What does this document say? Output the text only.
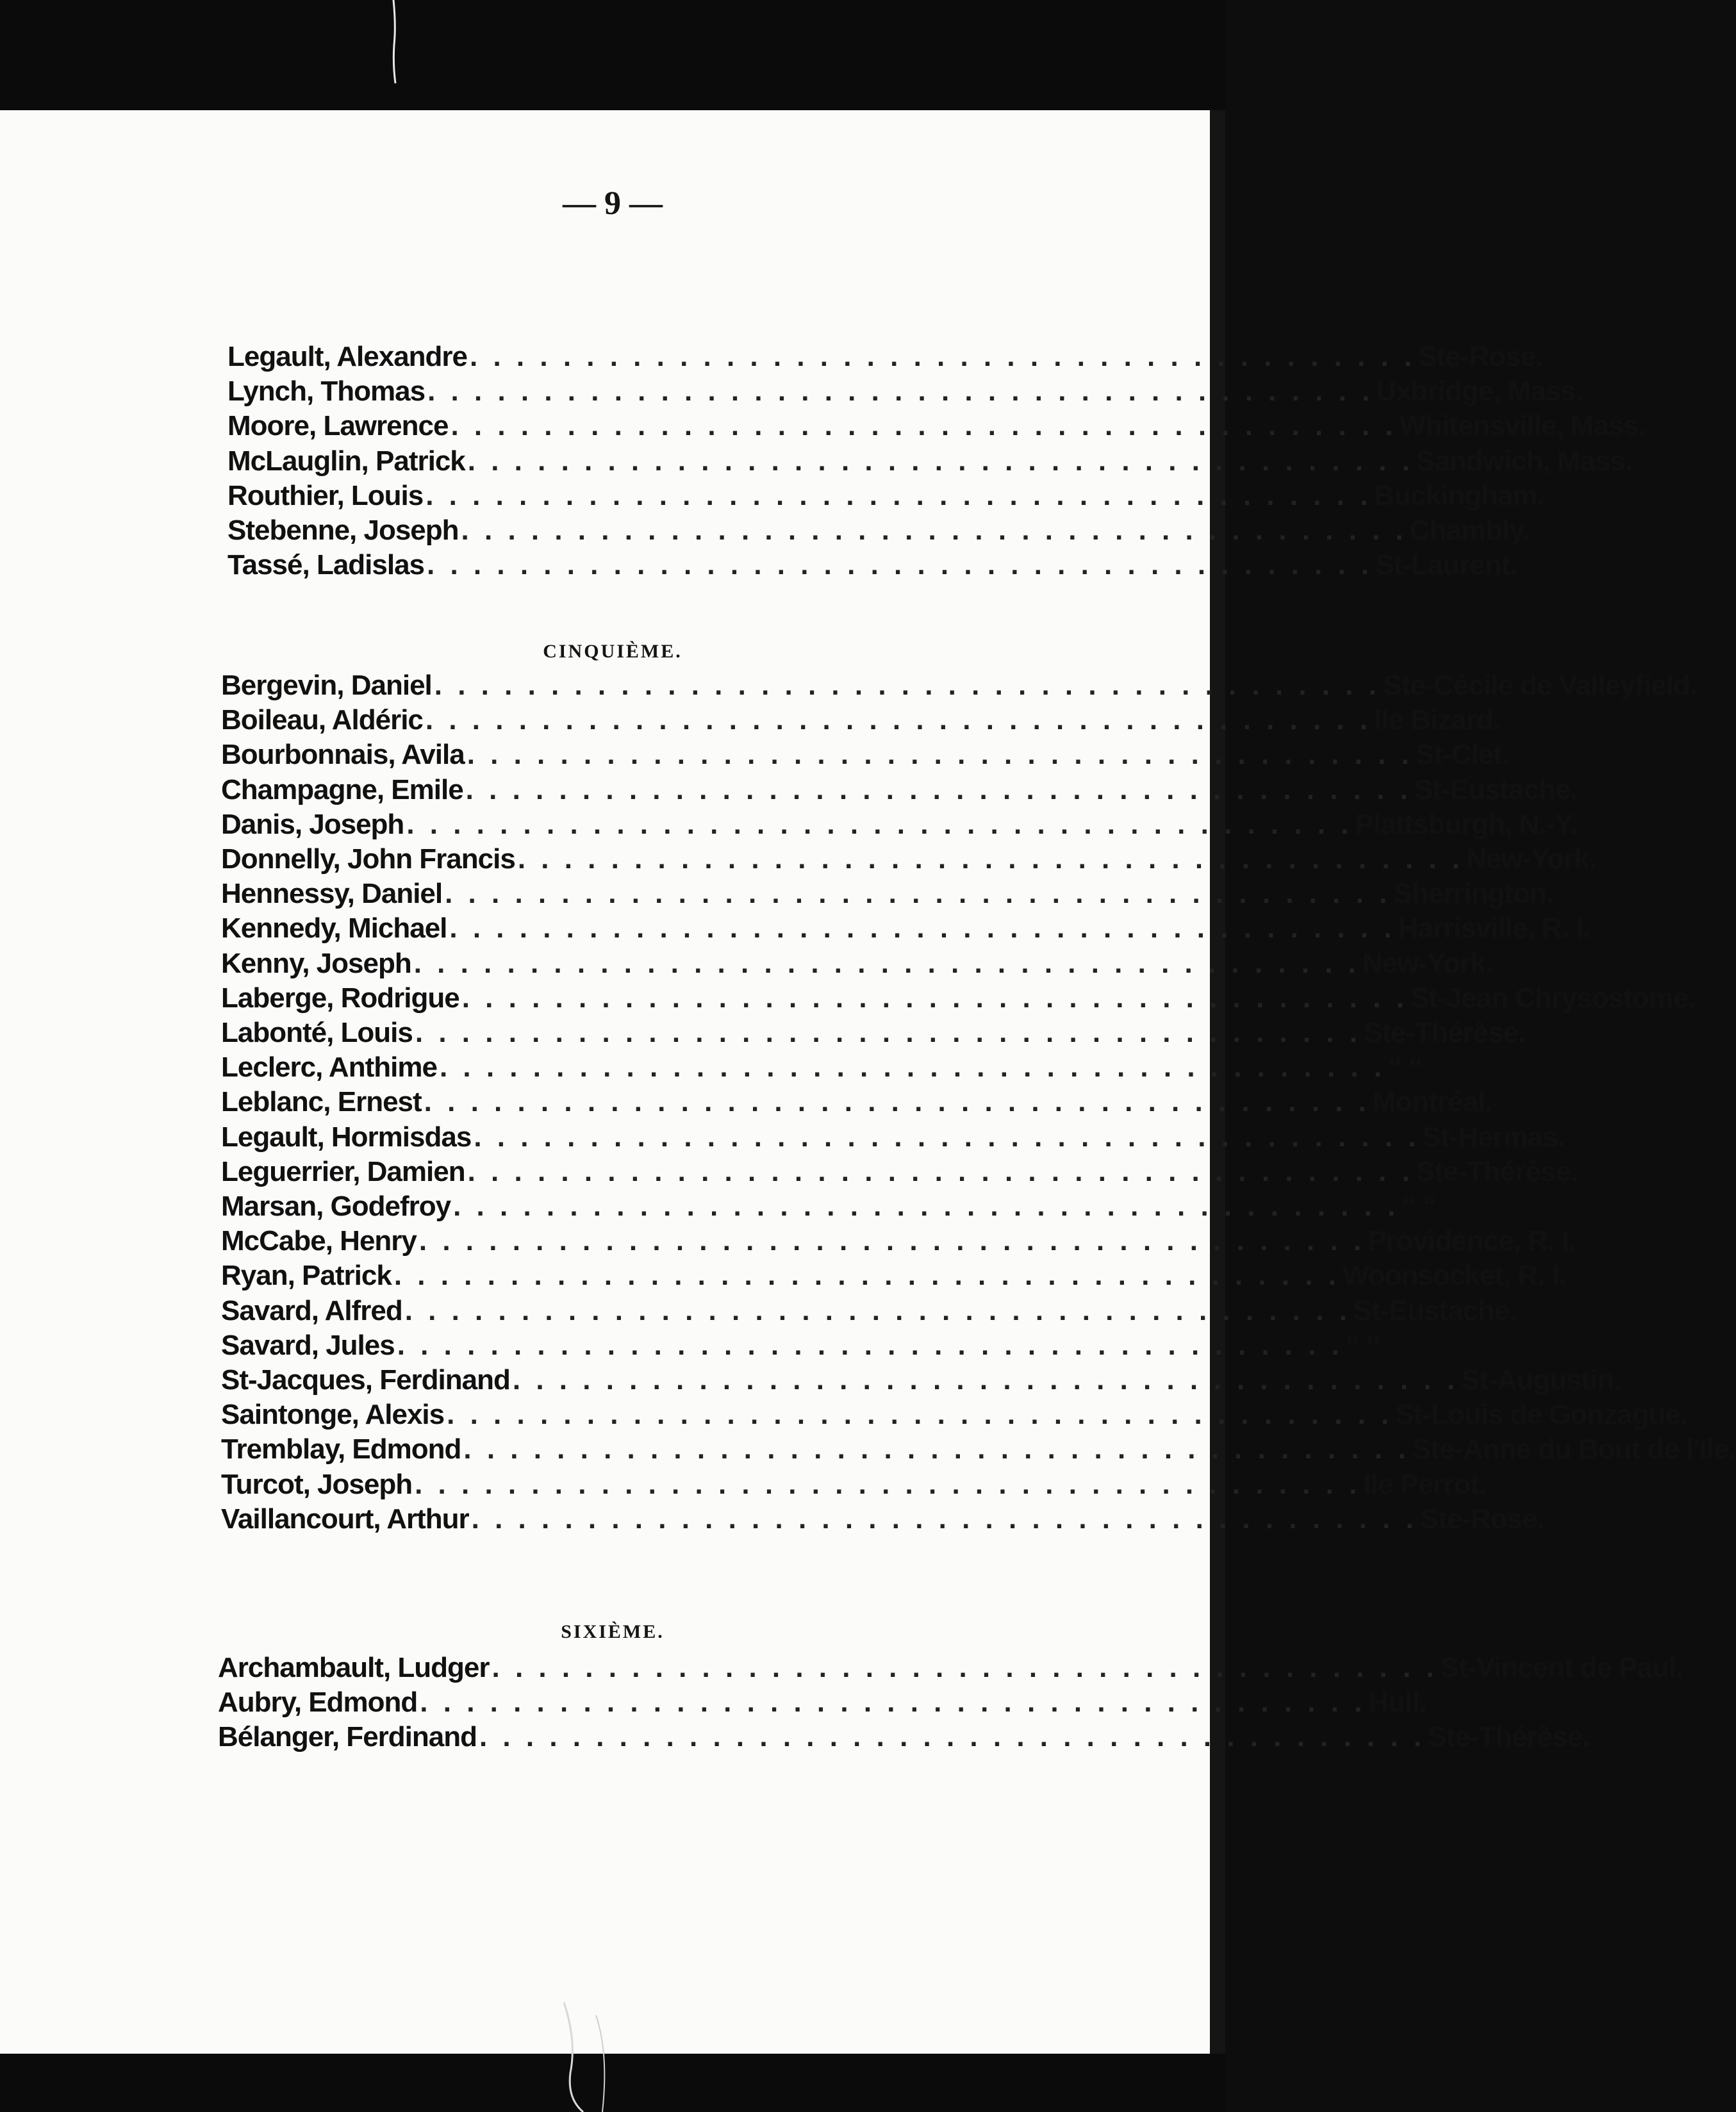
— 9 —
Legault, Alexandre . . . . . . . . . . . . . . . . . . . . . . . . . . . . . . . . . . . . . . . . . Ste-Rose.
Lynch, Thomas . . . . . . . . . . . . . . . . . . . . . . . . . . . . . . . . . . . . . . . . . Uxbridge, Mass.
Moore, Lawrence . . . . . . . . . . . . . . . . . . . . . . . . . . . . . . . . . . . . . . . . . Whitensville, Mass.
McLauglin, Patrick . . . . . . . . . . . . . . . . . . . . . . . . . . . . . . . . . . . . . . . . . Sandwich, Mass.
Routhier, Louis . . . . . . . . . . . . . . . . . . . . . . . . . . . . . . . . . . . . . . . . . Buckingham.
Stebenne, Joseph . . . . . . . . . . . . . . . . . . . . . . . . . . . . . . . . . . . . . . . . . Chambly.
Tassé, Ladislas . . . . . . . . . . . . . . . . . . . . . . . . . . . . . . . . . . . . . . . . . St-Laurent.
CINQUIÈME.
Bergevin, Daniel . . . . . . . . . . . . . . . . . . . . . . . . . . . . . . . . . . . . . . . . . Ste-Cécile de Valleyfield.
Boileau, Aldéric . . . . . . . . . . . . . . . . . . . . . . . . . . . . . . . . . . . . . . . . . Ile Bizard.
Bourbonnais, Avila . . . . . . . . . . . . . . . . . . . . . . . . . . . . . . . . . . . . . . . . . St-Clet.
Champagne, Emile . . . . . . . . . . . . . . . . . . . . . . . . . . . . . . . . . . . . . . . . . St-Eustache.
Danis, Joseph . . . . . . . . . . . . . . . . . . . . . . . . . . . . . . . . . . . . . . . . . Plattsburgh, N.-Y.
Donnelly, John Francis . . . . . . . . . . . . . . . . . . . . . . . . . . . . . . . . . . . . . . . . . New-York.
Hennessy, Daniel . . . . . . . . . . . . . . . . . . . . . . . . . . . . . . . . . . . . . . . . . Sherrington.
Kennedy, Michael . . . . . . . . . . . . . . . . . . . . . . . . . . . . . . . . . . . . . . . . . Harrisville, R. I.
Kenny, Joseph . . . . . . . . . . . . . . . . . . . . . . . . . . . . . . . . . . . . . . . . . New-York.
Laberge, Rodrigue . . . . . . . . . . . . . . . . . . . . . . . . . . . . . . . . . . . . . . . . . St-Jean Chrysostome.
Labonté, Louis . . . . . . . . . . . . . . . . . . . . . . . . . . . . . . . . . . . . . . . . . Ste-Thérèse.
Leclerc, Anthime . . . . . . . . . . . . . . . . . . . . . . . . . . . . . . . . . . . . . . . . . “ “
Leblanc, Ernest . . . . . . . . . . . . . . . . . . . . . . . . . . . . . . . . . . . . . . . . . Montréal.
Legault, Hormisdas . . . . . . . . . . . . . . . . . . . . . . . . . . . . . . . . . . . . . . . . . St-Hermas.
Leguerrier, Damien . . . . . . . . . . . . . . . . . . . . . . . . . . . . . . . . . . . . . . . . . Ste-Thérèse.
Marsan, Godefroy . . . . . . . . . . . . . . . . . . . . . . . . . . . . . . . . . . . . . . . . . “ “
McCabe, Henry . . . . . . . . . . . . . . . . . . . . . . . . . . . . . . . . . . . . . . . . . Providence, R. I.
Ryan, Patrick . . . . . . . . . . . . . . . . . . . . . . . . . . . . . . . . . . . . . . . . . Woonsocket, R. I.
Savard, Alfred . . . . . . . . . . . . . . . . . . . . . . . . . . . . . . . . . . . . . . . . . St-Eustache.
Savard, Jules . . . . . . . . . . . . . . . . . . . . . . . . . . . . . . . . . . . . . . . . . “ “
St-Jacques, Ferdinand . . . . . . . . . . . . . . . . . . . . . . . . . . . . . . . . . . . . . . . . . St-Augustin.
Saintonge, Alexis . . . . . . . . . . . . . . . . . . . . . . . . . . . . . . . . . . . . . . . . . St-Louis de Gonzague.
Tremblay, Edmond . . . . . . . . . . . . . . . . . . . . . . . . . . . . . . . . . . . . . . . . . Ste-Anne du Bout de l'Ile.
Turcot, Joseph . . . . . . . . . . . . . . . . . . . . . . . . . . . . . . . . . . . . . . . . . Ile Perrot.
Vaillancourt, Arthur . . . . . . . . . . . . . . . . . . . . . . . . . . . . . . . . . . . . . . . . . Ste-Rose.
SIXIÈME.
Archambault, Ludger . . . . . . . . . . . . . . . . . . . . . . . . . . . . . . . . . . . . . . . . . St-Vincent de Paul.
Aubry, Edmond . . . . . . . . . . . . . . . . . . . . . . . . . . . . . . . . . . . . . . . . . Hull.
Bélanger, Ferdinand . . . . . . . . . . . . . . . . . . . . . . . . . . . . . . . . . . . . . . . . . Ste-Thérèse.
